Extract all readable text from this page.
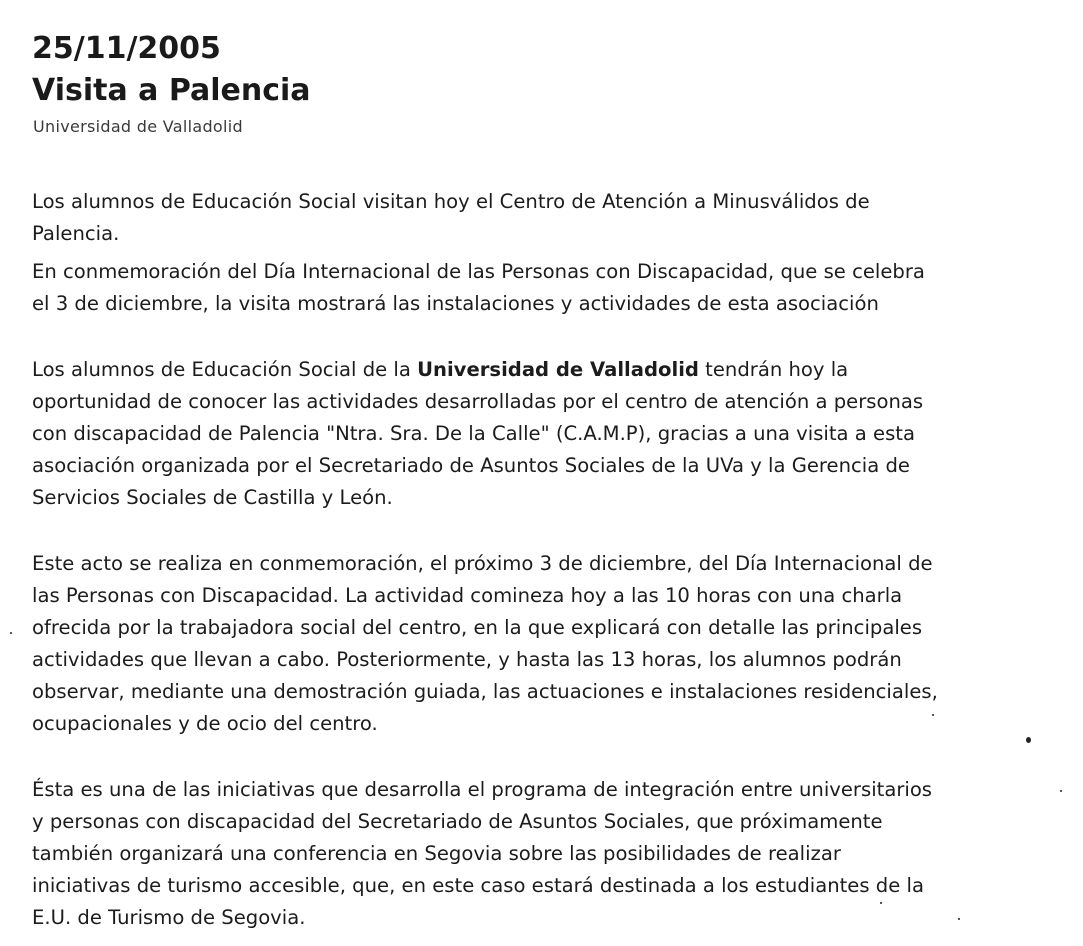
25/11/2005
Visita a Palencia
Universidad de Valladolid
Los alumnos de Educación Social visitan hoy el Centro de Atención a Minusválidos de
Palencia.
En conmemoración del Día Internacional de las Personas con Discapacidad, que se celebra
el 3 de diciembre, la visita mostrará las instalaciones y actividades de esta asociación
Los alumnos de Educación Social de la Universidad de Valladolid tendrán hoy la
oportunidad de conocer las actividades desarrolladas por el centro de atención a personas
con discapacidad de Palencia "Ntra. Sra. De la Calle" (C.A.M.P), gracias a una visita a esta
asociación organizada por el Secretariado de Asuntos Sociales de la UVa y la Gerencia de
Servicios Sociales de Castilla y León.
Este acto se realiza en conmemoración, el próximo 3 de diciembre, del Día Internacional de
las Personas con Discapacidad. La actividad comineza hoy a las 10 horas con una charla
ofrecida por la trabajadora social del centro, en la que explicará con detalle las principales
actividades que llevan a cabo. Posteriormente, y hasta las 13 horas, los alumnos podrán
observar, mediante una demostración guiada, las actuaciones e instalaciones residenciales,
ocupacionales y de ocio del centro.
Ésta es una de las iniciativas que desarrolla el programa de integración entre universitarios
y personas con discapacidad del Secretariado de Asuntos Sociales, que próximamente
también organizará una conferencia en Segovia sobre las posibilidades de realizar
iniciativas de turismo accesible, que, en este caso estará destinada a los estudiantes de la
E.U. de Turismo de Segovia.
